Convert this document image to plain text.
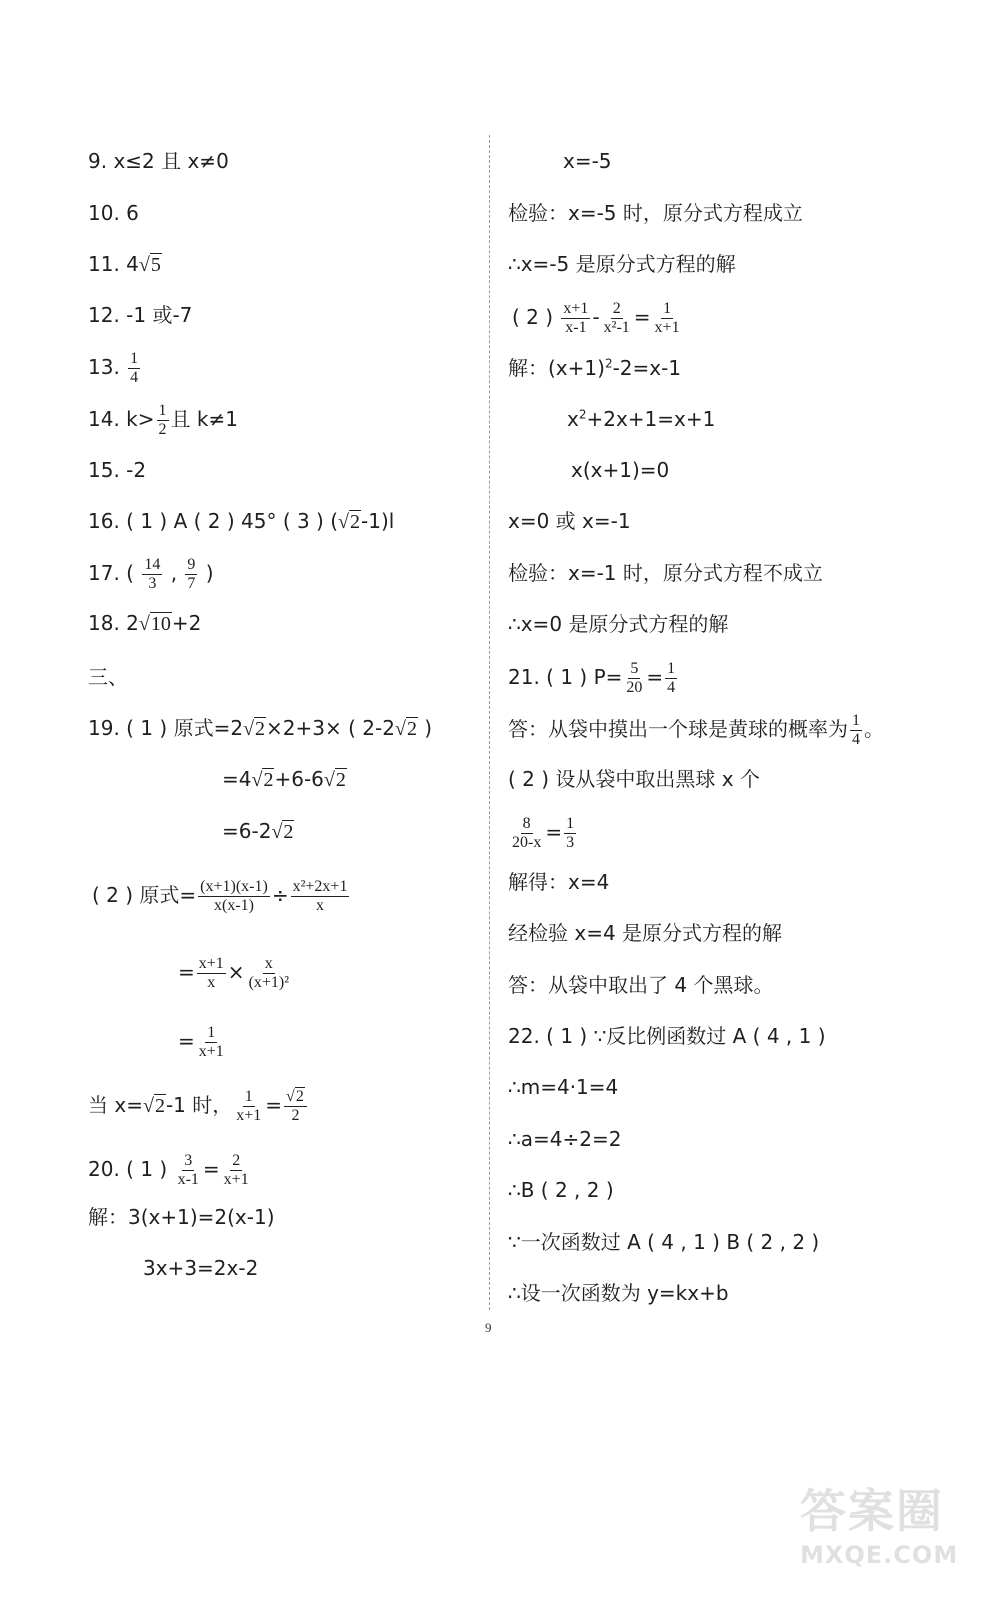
9. x≤2 且 x≠0
10. 6
11. 4√5
12. -1 或-7
13. $\frac{1}{4}$
14. $k> \frac{1}{2}$ 且 k≠1
15. -2
16. ( 1 ) A ( 2 ) 45° ( 3 ) (√2-1)l
17. ( $\frac{14}{3}$ , $\frac{9}{7}$ )
18. 2√10+2
三、
19. ( 1 ) 原式=2√2×2+3× ( 2-2√2 )
=4√2+6-6√2
=6-2√2
( 2 ) 原式= $\frac{(x+1)(x-1)}{x(x-1)} \div \frac{\text{x²+2x+1}}{x}$
= $\frac{x+1}{x} \times \frac{x}{\text{(x+1)²}}$
= $\frac{1}{x+1}$
当 x=√2-1 时， $\frac{1}{x+1} = \frac{√2}{2}$
20. ( 1 ) $\frac{3}{x-1} = \frac{2}{x+1}$
解：3(x+1)=2(x-1)
3x+3=2x-2
x=-5
检验：x=-5 时，原分式方程成立
∴x=-5 是原分式方程的解
( 2 ) $\frac{x+1}{x-1} - \frac{2}{\text{x²-1}} = \frac{1}{x+1}$
解：$(x+1)^2-2=x-1$
$x^2+2x+1=x+1$
x(x+1)=0
x=0 或 x=-1
检验：x=-1 时，原分式方程不成立
∴x=0 是原分式方程的解
21. ( 1 ) $P= \frac{5}{20} = \frac{1}{4}$
答：从袋中摸出一个球是黄球的概率为 $\frac{1}{4}$ 。
( 2 ) 设从袋中取出黑球 x 个
$\frac{8}{20-x} = \frac{1}{3}$
解得：x=4
经检验 x=4 是原分式方程的解
答：从袋中取出了 4 个黑球。
22. ( 1 ) ∵反比例函数过 A ( 4 , 1 )
∴m=4·1=4
∴a=4÷2=2
∴B ( 2 , 2 )
∵一次函数过 A ( 4 , 1 ) B ( 2 , 2 )
∴设一次函数为 y=kx+b
9
答案圈
MXQE.COM
